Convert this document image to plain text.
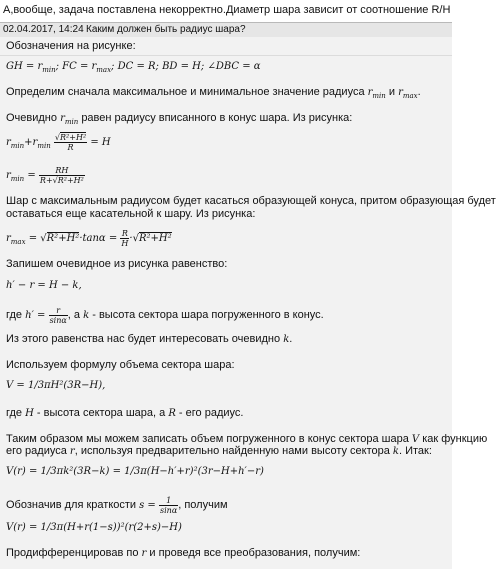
А,вообще, задача поставлена некорректно.Диаметр шара зависит от соотношение R/H
02.04.2017, 14:24 Каким должен быть радиус шара?
Обозначения на рисунке:
GH = $r_{min}$; FC = $r_{max}$; DC = R; BD = H; ∠DBC = α
Определим сначала максимальное и минимальное значение радиуса $r_{min}$ и $r_{max}$.
Очевидно $r_{min}$ равен радиусу вписанного в конус шара. Из рисунка:
$r_{min}+r_{min} \frac{\text{√R²+H²}}{R} = H$
$r_{min} = \frac{RH}{\text{R+√R²+H²}}$
Шар с максимальным радиусом будет касаться образующей конуса, притом образующая будет
оставаться еще касательной к шару. Из рисунка:
$r_{max} = √R^2+H^2\cdot\tan\alpha = \frac{R}{H} \cdot√R^2+H^2$
Запишем очевидное из рисунка равенство:
h′ − r = H − k,
где $h' = \frac{r}{\sin\alpha}$ , а k - высота сектора шара погруженного в конус.
Из этого равенства нас будет интересовать очевидно k.
Используем формулу объема сектора шара:
V = 1/3πH²(3R−H),
где H - высота сектора шара, а R - его радиус.
Таким образом мы можем записать объем погруженного в конус сектора шара V как функцию
его радиуса r, используя предварительно найденную нами высоту сектора k. Итак:
V(r) = 1/3πk²(3R−k) = 1/3π(H−h′+r)²(3r−H+h′−r)
Обозначив для краткости $s = \frac{1}{\sin\alpha}$ , получим
V(r) = 1/3π(H+r(1−s))²(r(2+s)−H)
Продифференцировав по r и проведя все преобразования, получим:
